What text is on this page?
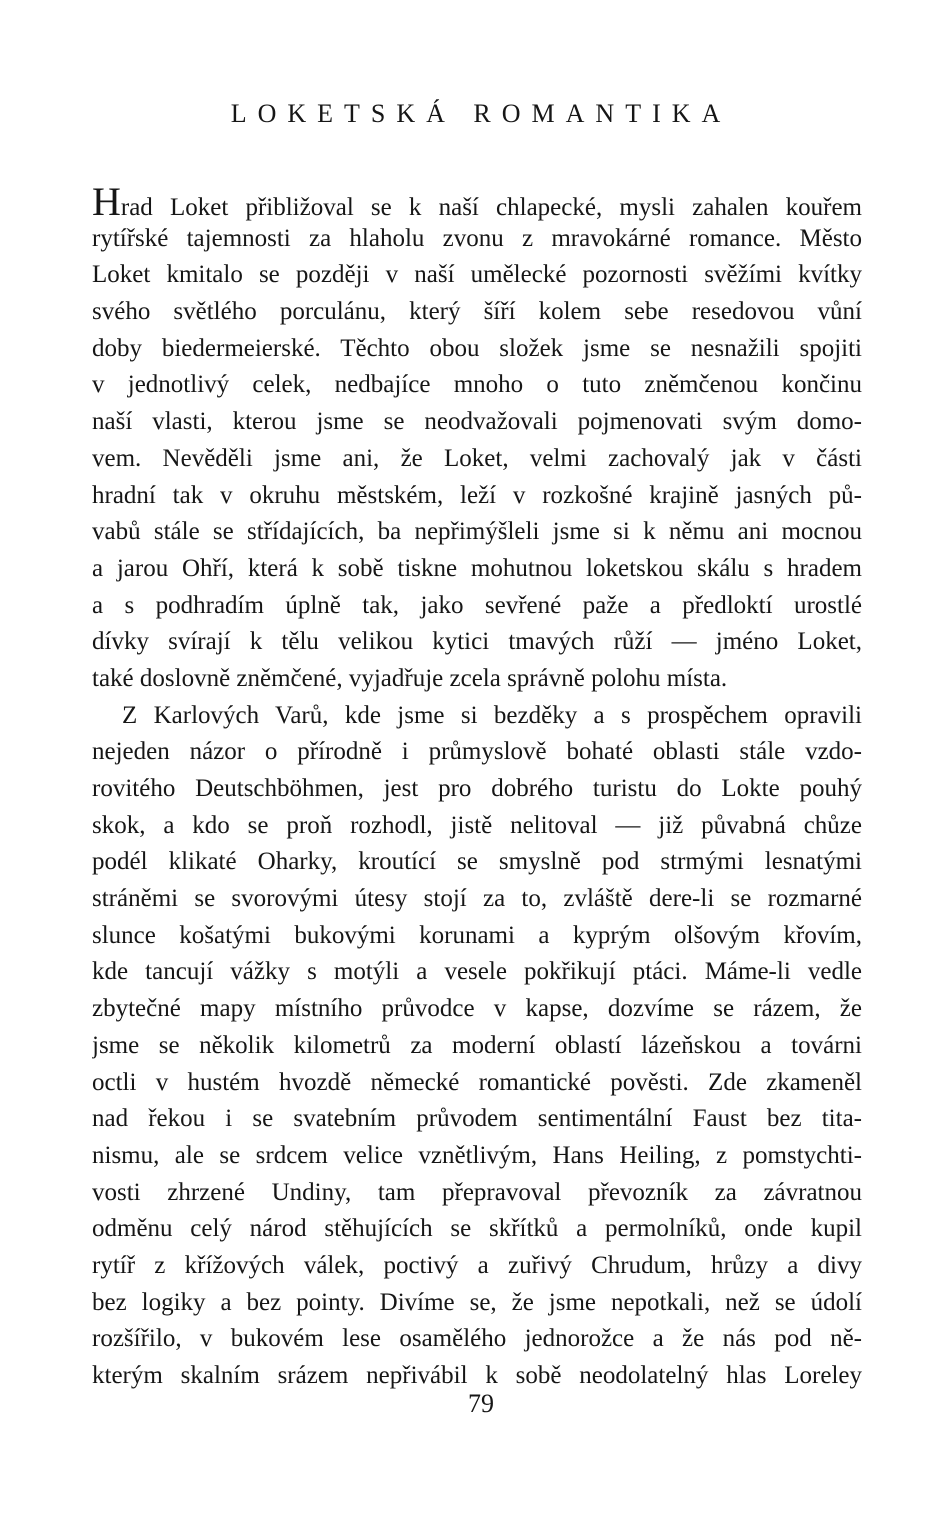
LOKETSKÁ ROMANTIKA
Hrad Loket přibližoval se k naší chlapecké, mysli zahalen kouřem
rytířské tajemnosti za hlaholu zvonu z mravokárné romance. Město
Loket kmitalo se později v naší umělecké pozornosti svěžími kvítky
svého světlého porculánu, který šíří kolem sebe resedovou vůní
doby biedermeierské. Těchto obou složek jsme se nesnažili spojiti
v jednotlivý celek, nedbajíce mnoho o tuto zněmčenou končinu
naší vlasti, kterou jsme se neodvažovali pojmenovati svým domo-
vem. Nevěděli jsme ani, že Loket, velmi zachovalý jak v části
hradní tak v okruhu městském, leží v rozkošné krajině jasných pů-
vabů stále se střídajících, ba nepřimýšleli jsme si k němu ani mocnou
a jarou Ohří, která k sobě tiskne mohutnou loketskou skálu s hradem
a s podhradím úplně tak, jako sevřené paže a předloktí urostlé
dívky svírají k tělu velikou kytici tmavých růží — jméno Loket,
také doslovně zněmčené, vyjadřuje zcela správně polohu místa.
Z Karlových Varů, kde jsme si bezděky a s prospěchem opravili
nejeden názor o přírodně i průmyslově bohaté oblasti stále vzdo-
rovitého Deutschböhmen, jest pro dobrého turistu do Lokte pouhý
skok, a kdo se proň rozhodl, jistě nelitoval — již půvabná chůze
podél klikaté Oharky, kroutící se smyslně pod strmými lesnatými
stráněmi se svorovými útesy stojí za to, zvláště dere-li se rozmarné
slunce košatými bukovými korunami a kyprým olšovým křovím,
kde tancují vážky s motýli a vesele pokřikují ptáci. Máme-li vedle
zbytečné mapy místního průvodce v kapse, dozvíme se rázem, že
jsme se několik kilometrů za moderní oblastí lázeňskou a továrni
octli v hustém hvozdě německé romantické pověsti. Zde zkameněl
nad řekou i se svatebním průvodem sentimentální Faust bez tita-
nismu, ale se srdcem velice vznětlivým, Hans Heiling, z pomstychti-
vosti zhrzené Undiny, tam přepravoval převozník za závratnou
odměnu celý národ stěhujících se skřítků a permolníků, onde kupil
rytíř z křížových válek, poctivý a zuřivý Chrudum, hrůzy a divy
bez logiky a bez pointy. Divíme se, že jsme nepotkali, než se údolí
rozšířilo, v bukovém lese osamělého jednorožce a že nás pod ně-
kterým skalním srázem nepřivábil k sobě neodolatelný hlas Loreley
79
